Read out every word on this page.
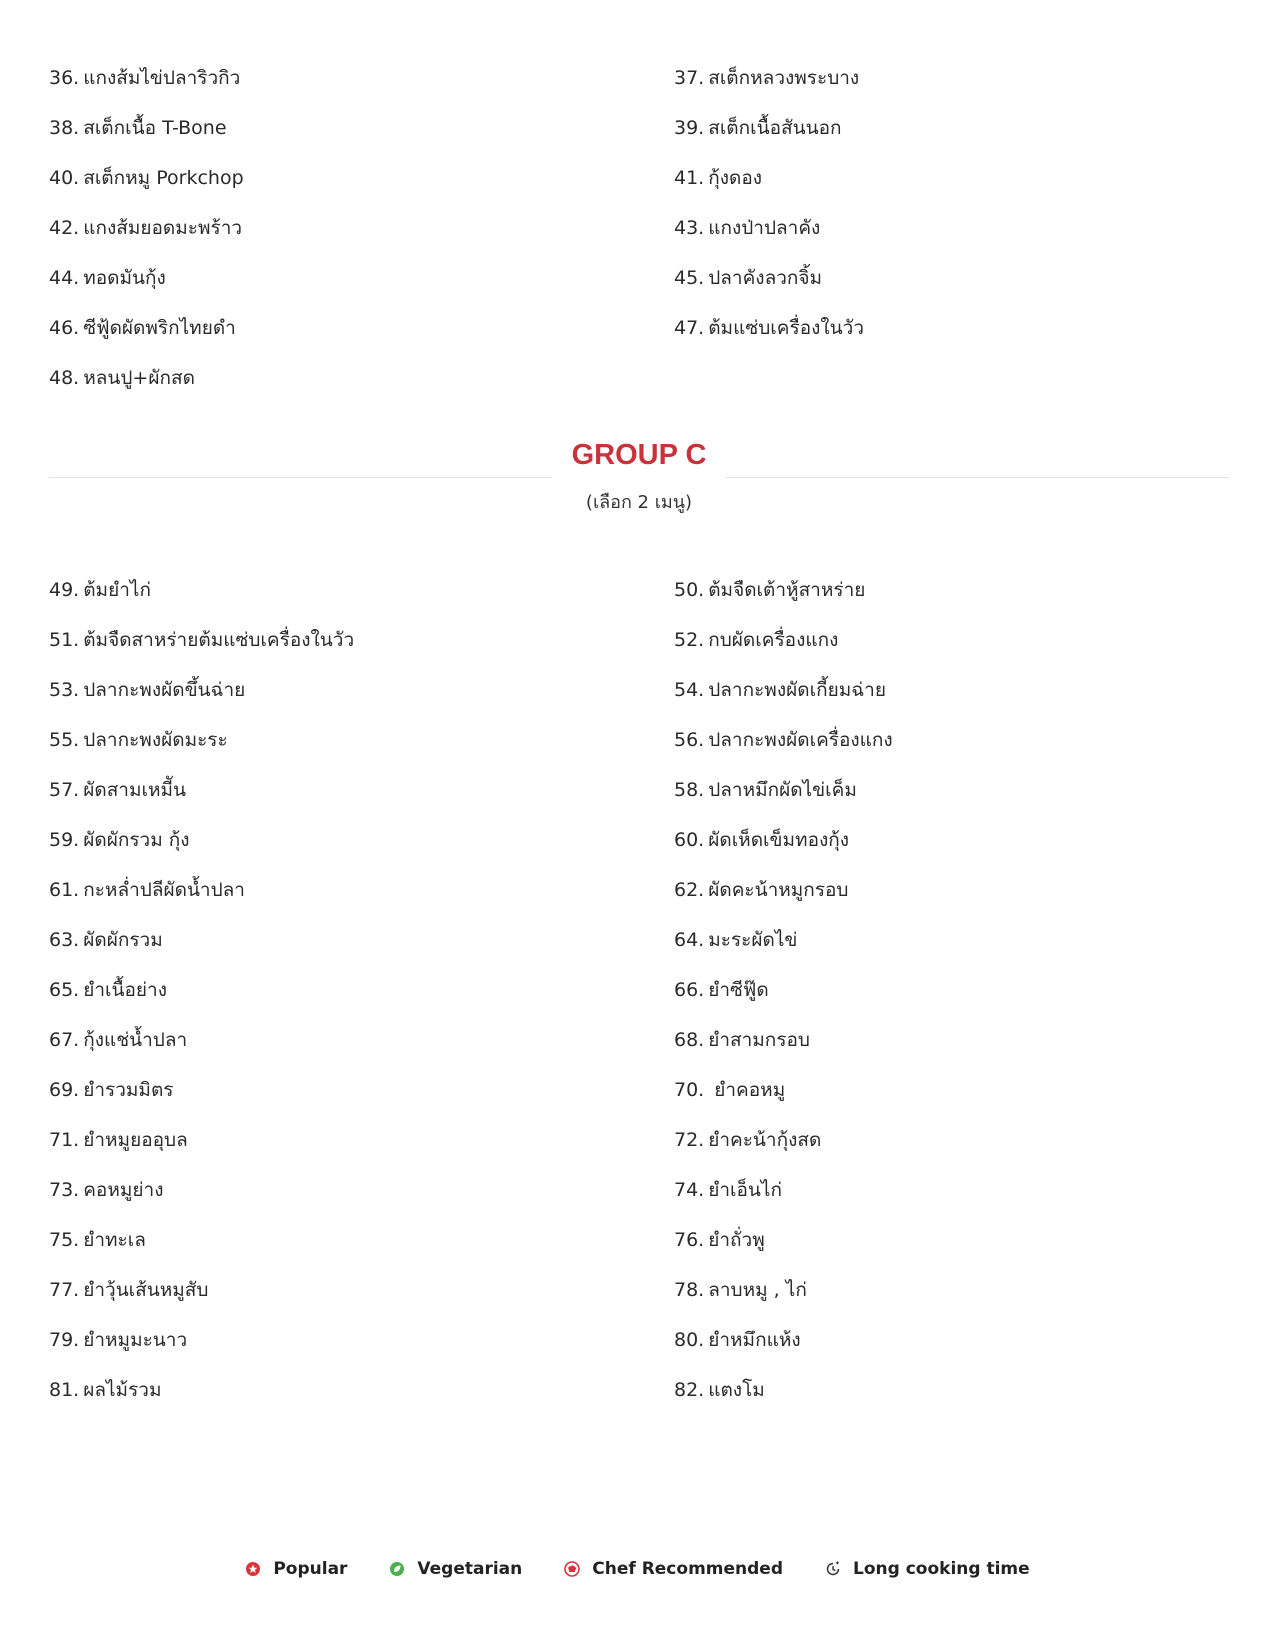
36. แกงส้มไข่ปลาริวกิว	37. สเต็กหลวงพระบาง
38. สเต็กเนื้อ T-Bone	39. สเต็กเนื้อสันนอก
40. สเต็กหมู Porkchop	41. กุ้งดอง
42. แกงส้มยอดมะพร้าว	43. แกงป่าปลาคัง
44. ทอดมันกุ้ง	45. ปลาคังลวกจิ้ม
46. ซีฟู้ดผัดพริกไทยดำ	47. ต้มแซ่บเครื่องในวัว
48. หลนปู+ผักสด
GROUP C
(เลือก 2 เมนู)
49. ต้มยำไก่	50. ต้มจืดเต้าหู้สาหร่าย
51. ต้มจืดสาหร่ายต้มแซ่บเครื่องในวัว	52. กบผัดเครื่องแกง
53. ปลากะพงผัดขึ้นฉ่าย	54. ปลากะพงผัดเกี้ยมฉ่าย
55. ปลากะพงผัดมะระ	56. ปลากะพงผัดเครื่องแกง
57. ผัดสามเหมีัน	58. ปลาหมึกผัดไข่เค็ม
59. ผัดผักรวม กุ้ง	60. ผัดเห็ดเข็มทองกุ้ง
61. กะหล่ำปลีผัดน้ำปลา	62. ผัดคะน้าหมูกรอบ
63. ผัดผักรวม	64. มะระผัดไข่
65. ยำเนื้อย่าง	66. ยำซีฟู๊ด
67. กุ้งแช่น้ำปลา	68. ยำสามกรอบ
69. ยำรวมมิตร	70. ยำคอหมู
71. ยำหมูยออุบล	72. ยำคะน้ากุ้งสด
73. คอหมูย่าง	74. ยำเอ็นไก่
75. ยำทะเล	76. ยำถั่วพู
77. ยำวุ้นเส้นหมูสับ	78. ลาบหมู , ไก่
79. ยำหมูมะนาว	80. ยำหมึกแห้ง
81. ผลไม้รวม	82. แตงโม
Popular	Vegetarian	Chef Recommended	Long cooking time
